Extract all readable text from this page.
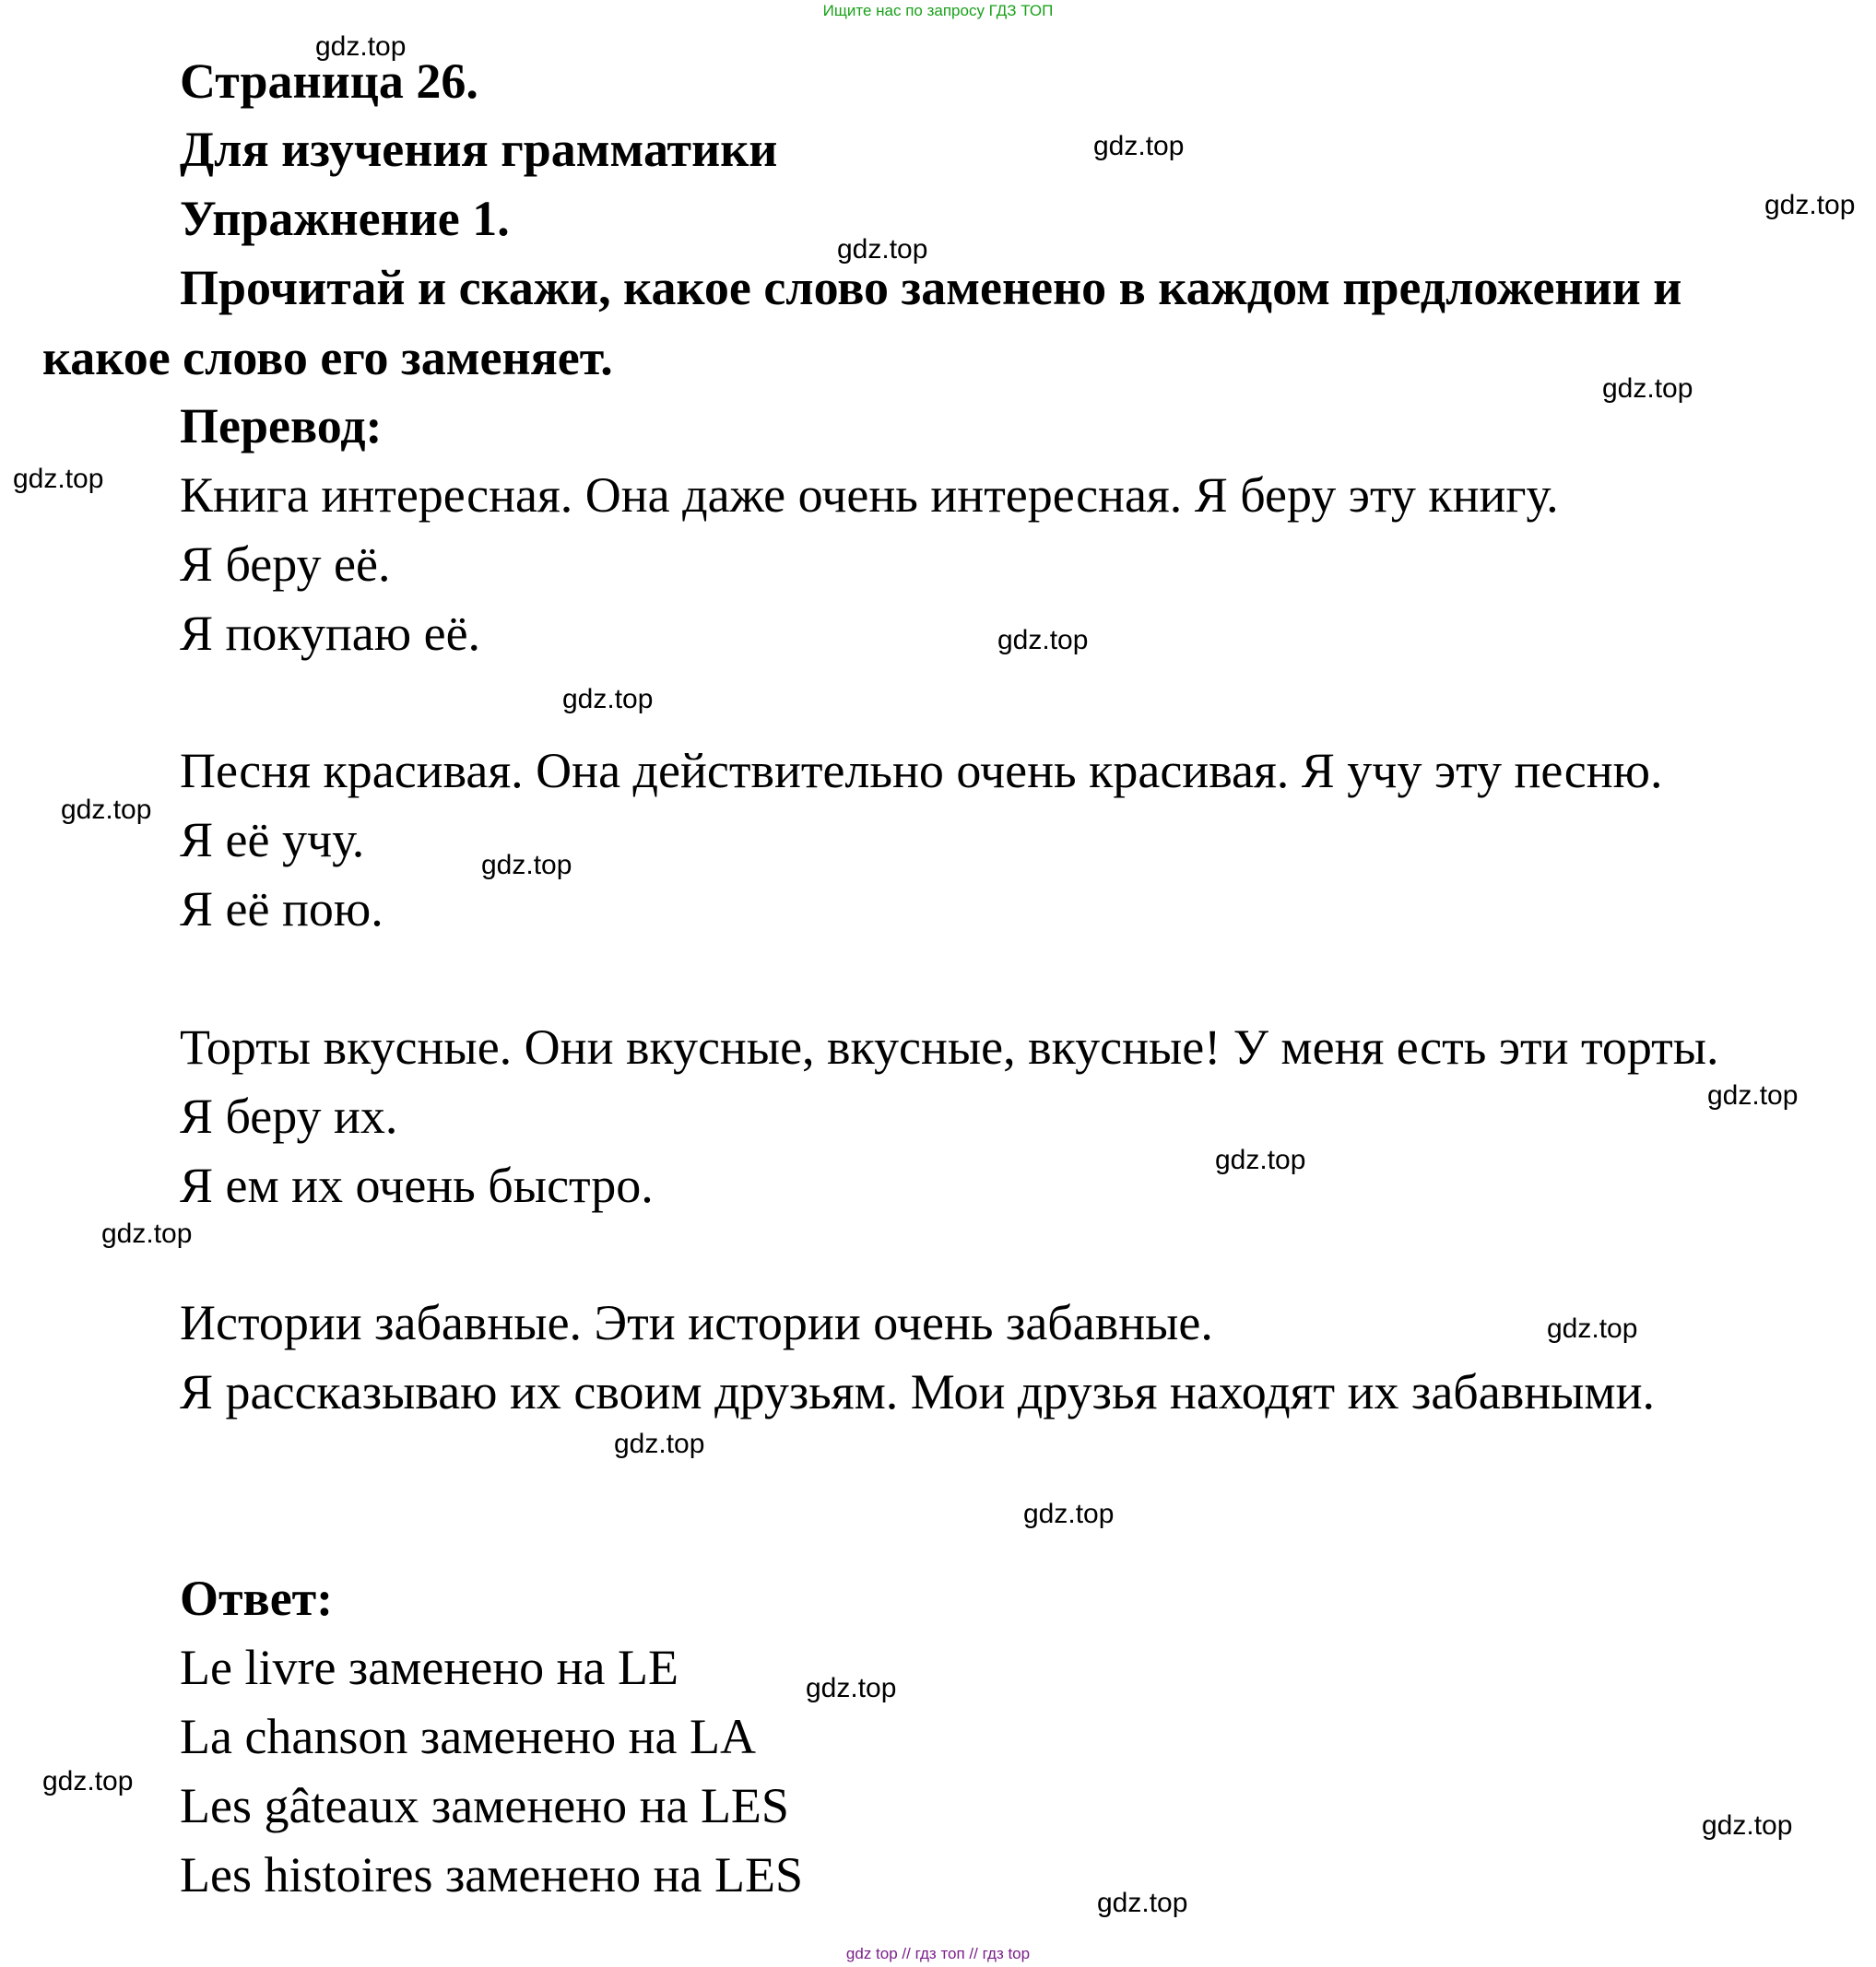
Ищите нас по запросу ГДЗ ТОП
Страница 26.
Для изучения грамматики
Упражнение 1.
Прочитай и скажи, какое слово заменено в каждом предложении и
какое слово его заменяет.
Перевод:
Книга интересная. Она даже очень интересная. Я беру эту книгу.
Я беру её.
Я покупаю её.
Песня красивая. Она действительно очень красивая. Я учу эту песню.
Я её учу.
Я её пою.
Торты вкусные. Они вкусные, вкусные, вкусные! У меня есть эти торты.
Я беру их.
Я ем их очень быстро.
Истории забавные. Эти истории очень забавные.
Я рассказываю их своим друзьям. Мои друзья находят их забавными.
Ответ:
Le livre заменено на LE
La chanson заменено на LA
Les gâteaux заменено на LES
Les histoires заменено на LES
gdz.top
gdz.top
gdz.top
gdz.top
gdz.top
gdz.top
gdz.top
gdz.top
gdz.top
gdz.top
gdz.top
gdz.top
gdz.top
gdz.top
gdz.top
gdz.top
gdz.top
gdz.top
gdz.top
gdz.top
gdz top // гдз топ // гдз top
